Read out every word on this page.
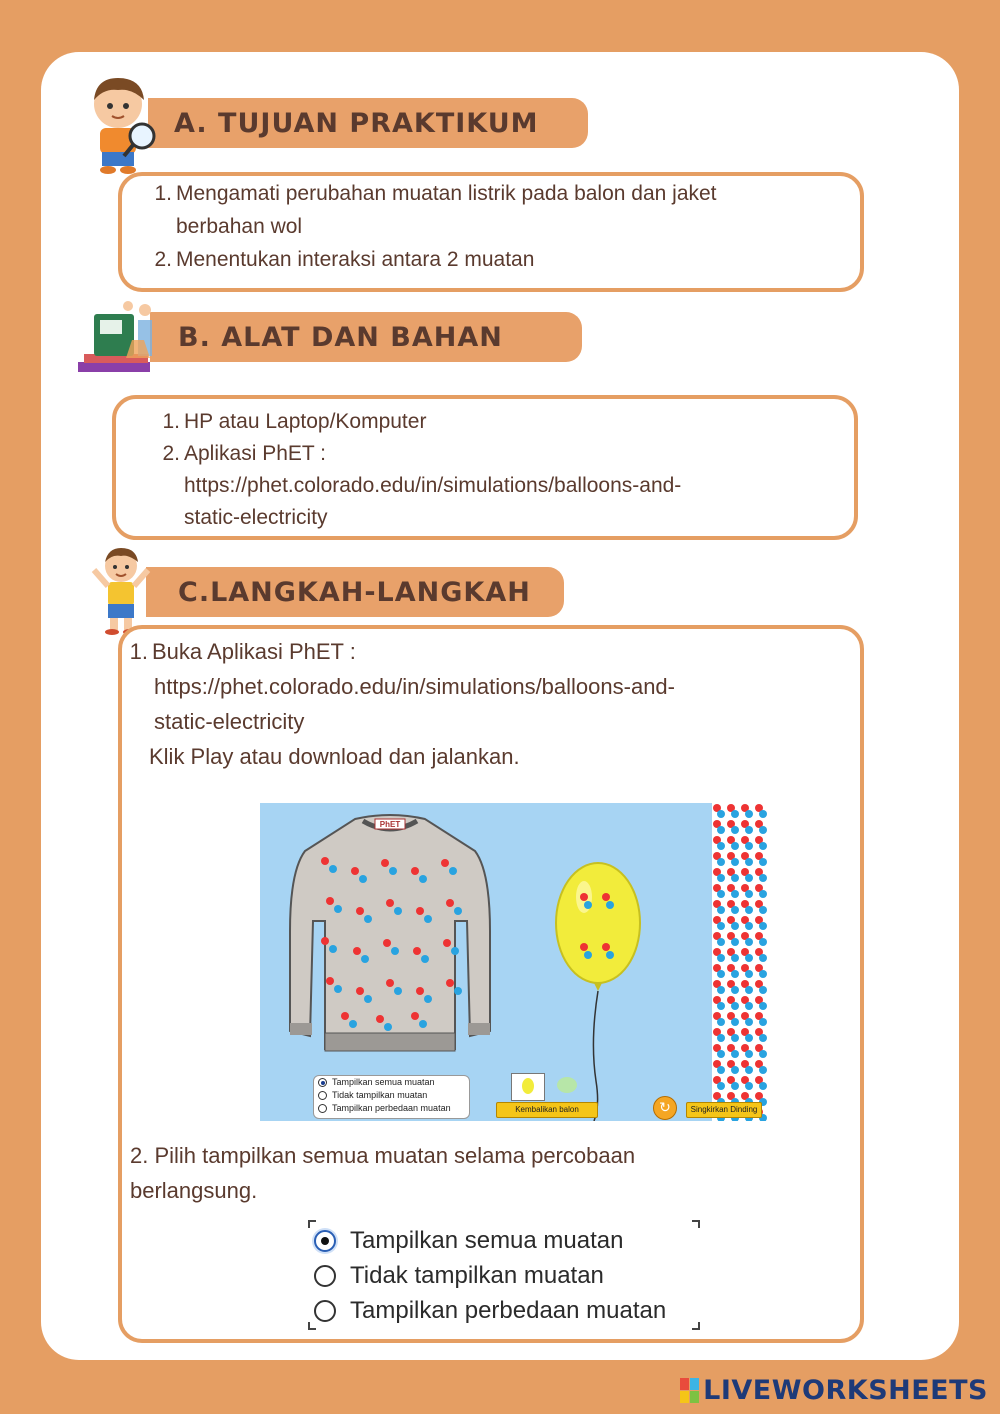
A. TUJUAN PRAKTIKUM
1. Mengamati perubahan muatan listrik pada balon dan jaket
berbahan wol
2. Menentukan interaksi antara 2 muatan
B. ALAT DAN BAHAN
1. HP atau Laptop/Komputer
2. Aplikasi PhET :
https://phet.colorado.edu/in/simulations/balloons-and-
static-electricity
C.LANGKAH-LANGKAH
1. Buka Aplikasi PhET :
https://phet.colorado.edu/in/simulations/balloons-and-
static-electricity
Klik Play atau download dan jalankan.
PhET
Kembalikan balon	↻	Singkirkan Dinding
Tampilkan semua muatan
Tidak tampilkan muatan
Tampilkan perbedaan muatan
2. Pilih tampilkan semua muatan selama percobaan
berlangsung.
Tampilkan semua muatan
Tidak tampilkan muatan
Tampilkan perbedaan muatan
LIVEWORKSHEETS
